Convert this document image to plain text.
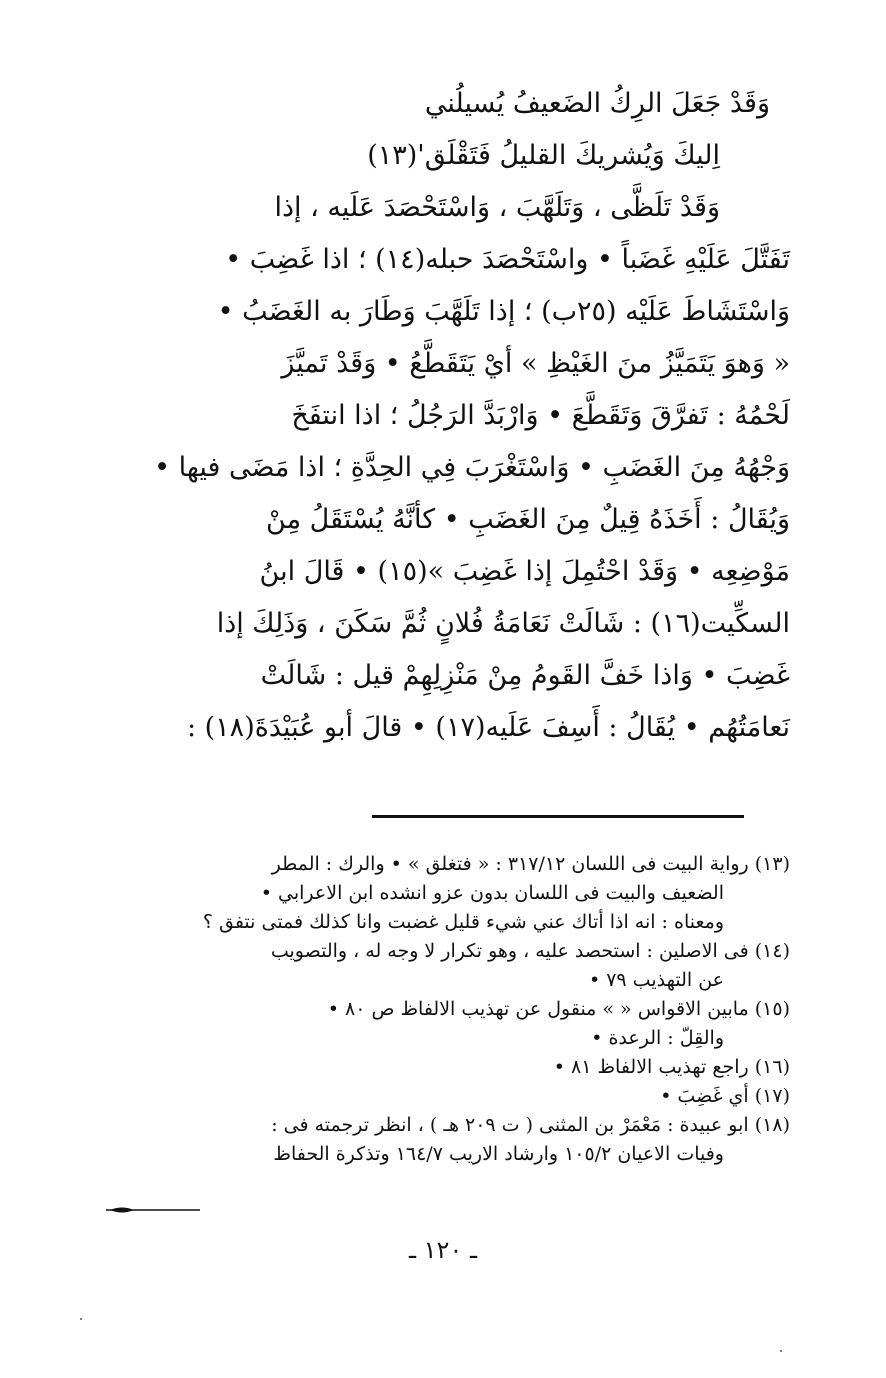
وَقَدْ جَعَلَ الرِكُ الضَعيفُ يُسيلُني
اِليكَ وَيُشريكَ القليلُ فَتَقْلَق'(١٣)
وَقَدْ تَلَظَّى ، وَتَلَهَّبَ ، وَاسْتَحْصَدَ عَلَيه ، إذا
تَفَتَّلَ عَلَيْهِ غَضَباً • واسْتَحْصَدَ حبله(١٤) ؛ اذا غَضِبَ •
وَاسْتَشَاطَ عَلَيْه (٢٥ب) ؛ إذا تَلَهَّبَ وَطَارَ به الغَضَبُ •
« وَهوَ يَتَمَيَّزُ منَ الغَيْظِ » أيْ يَتَقَطَّعُ • وَقَدْ تَميَّزَ
لَحْمُهُ : تَفرَّقَ وَتَقَطَّعَ • وَارْبَدَّ الرَجُلُ ؛ اذا انتفَخَ
وَجْهُهُ مِنَ الغَضَبِ • وَاسْتَغْرَبَ فِي الحِدَّةِ ؛ اذا مَضَى فيها •
وَيُقَالُ : أَخَذَهُ قِيلٌ مِنَ الغَضَبِ • كأنَّهُ يُسْتَقَلُ مِنْ
مَوْضِعِه • وَقَدْ احْتُمِلَ إذا غَضِبَ »(١٥) • قَالَ ابنُ
السكِّيت(١٦) : شَالَتْ نَعَامَةُ فُلانٍ ثُمَّ سَكَنَ ، وَذَلِكَ إذا
غَضِبَ • وَاذا خَفَّ القَومُ مِنْ مَنْزِلِهِمْ قيل : شَالَتْ
نَعامَتُهُم • يُقَالُ : أَسِفَ عَلَيه(١٧) • قالَ أبو عُبَيْدَةَ(١٨) :
(١٣) رواية البيت فى اللسان ٣١٧/١٢ : « فتغلق » • والرك : المطر
الضعيف والبيت فى اللسان بدون عزو انشده ابن الاعرابي •
ومعناه : انه اذا أتاك عني شيء قليل غضبت وانا كذلك فمتى نتفق ؟
(١٤) فى الاصلين : استحصد عليه ، وهو تكرار لا وجه له ، والتصويب
عن التهذيب ٧٩ •
(١٥) مابين الاقواس « » منقول عن تهذيب الالفاظ ص ٨٠ •
والقِلّ : الرعدة •
(١٦) راجع تهذيب الالفاظ ٨١ •
(١٧) أي غَضِبَ •
(١٨) ابو عبيدة : مَعْمَرْ بن المثنى ( ت ٢٠٩ هـ ) ، انظر ترجمته فى :
وفيات الاعيان ١٠٥/٢ وارشاد الاريب ١٦٤/٧ وتذكرة الحفاظ
ـ ١٢٠ ـ
